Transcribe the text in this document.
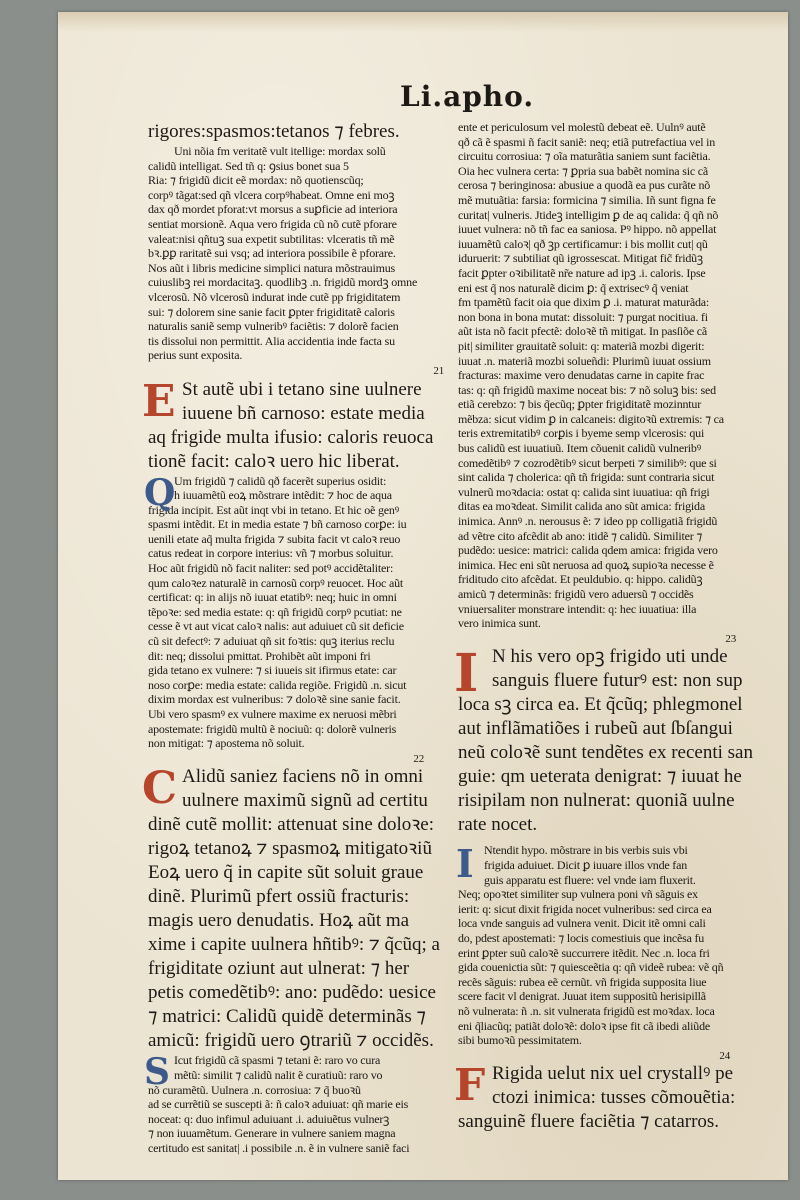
Li.apho.
rigores:spasmos:tetanos ⁊ febres.
Uni nõia fm veritatẽ vult itellige: mordax solũ
calidũ intelligat. Sed tñ q: ꝯsius bonet sua 5
Ria: ⁊ frigidũ dicit eẽ mordax: nõ quotienscũq;
corpꝰ tãgat:sed qñ vlcera corpꝰhabeat. Omne eni moꝫ
dax qð mordet pforat:vt morsus a suꝑficie ad interiora
sentiat morsionẽ. Aqua vero frigida cũ nõ cutẽ pforare
valeat:nisi qñtuꝫ sua expetit subtilitas: vlceratis tñ mẽ
bꝛ.ꝑꝑ raritatẽ sui vsq; ad interiora possibile ẽ pforare.
Nos aũt i libris medicine simplici natura mõstrauimus
cuiuslibꝫ rei mordacitaꝫ. quodlibꝫ .n. frigidũ mordꝫ omne
vlcerosũ. Nõ vlcerosũ indurat inde cutẽ pp frigiditatem
sui: ⁊ dolorem sine sanie facit ꝑpter frigiditatẽ caloris
naturalis saniẽ semp vulneribꝰ faciẽtis: ⁊ dolorẽ facien
tis dissolui non permittit. Alia accidentia inde facta su
perius sunt exposita.
21
E St autẽ ubi i tetano sine uulnere
iuuene bñ carnoso: estate media
aq frigide multa ifusio: caloris reuoca
tionẽ facit: caloꝛ uero hic liberat.
Q
Um frigidũ ⁊ calidũ qð facerẽt superius osidit:
h iuuamẽtũ eoꝝ mõstrare intẽdit: ⁊ hoc de aqua
frigida incipit. Est aũt inqt vbi in tetano. Et hic oẽ genꝰ
spasmi intẽdit. Et in media estate ⁊ bñ carnoso corꝑe: iu
uenili etate aq̃ multa frigida ⁊ subita facit vt caloꝛ reuo
catus redeat in corpore interius: vñ ⁊ morbus soluitur.
Hoc aũt frigidũ nõ facit naliter: sed potꝰ accidẽtaliter:
qum caloꝛez naturalẽ in carnosũ corpꝰ reuocet. Hoc aũt
certificat: q: in alijs nõ iuuat etatibꝰ: neq; huic in omni
tẽpoꝛe: sed media estate: q: qñ frigidũ corpꝰ pcutiat: ne
cesse ẽ vt aut vicat caloꝛ nalis: aut aduiuet cũ sit deficie
cũ sit defectꝰ: ⁊ aduiuat qñ sit foꝛtis: quꝫ iterius reclu
dit: neq; dissolui pmittat. Prohibẽt aũt imponi fri
gida tetano ex vulnere: ⁊ si iuueis sit ifirmus etate: car
noso corꝑe: media estate: calida regiõe. Frigidũ .n. sicut
dixim mordax est vulneribus: ⁊ doloꝛẽ sine sanie facit.
Ubi vero spasmꝰ ex vulnere maxime ex neruosi mẽbri
apostemate: frigidũ multũ ẽ nociuũ: q: dolorẽ vulneris
non mitigat: ⁊ apostema nõ soluit.
22
C Alidũ saniez faciens nõ in omni
uulnere maximũ signũ ad certitu
dinẽ cutẽ mollit: attenuat sine doloꝛe:
rigoꝝ tetanoꝝ ⁊ spasmoꝝ mitigatoꝛiũ
Eoꝝ uero q̃ in capite sũt soluit graue
dinẽ. Plurimũ pfert ossiũ fracturis:
magis uero denudatis. Hoꝝ aũt ma
xime i capite uulnera hñtibꝰ: ⁊ q̃cũq; a
frigiditate oziunt aut ulnerat: ⁊ her
petis comedẽtibꝰ: ano: pudẽdo: uesice
⁊ matrici: Calidũ quidẽ determinãs ⁊
amicũ: frigidũ uero ꝯtrariũ ⁊ occidẽs.
S Icut frigidũ cã spasmi ⁊ tetani ẽ: raro vo cura
mẽtũ: similit ⁊ calidũ nalit ẽ curatiuũ: raro vo
nõ curamẽtũ. Uulnera .n. corrosiua: ⁊ q̃ buoꝛũ
ad se currẽtiũ se suscepti ã: ñ caloꝛ aduiuat: qñ marie eis
noceat: q: duo infimul aduiuant .i. aduiuẽtus vulnerꝫ
⁊ non iuuamẽtum. Generare in vulnere saniem magna
certitudo est sanitat| .i possibile .n. ẽ in vulnere saniẽ faci
ente et periculosum vel molestũ debeat eẽ. Uulnꝰ autẽ
qð cã ẽ spasmi ñ facit saniẽ: neq; etiã putrefactiua vel in
circuitu corrosiua: ⁊ oĩa maturãtia saniem sunt faciẽtia.
Oia hec vulnera certa: ⁊ ꝑpria sua babẽt nomina sic cã
cerosa ⁊ beringinosa: abusiue a quodã ea pus curãte nõ
mẽ mutuãtia: farsia: formicina ⁊ similia. Iñ sunt figna fe
curitat| vulneris. Jtideꝫ intelligim ꝑ de aq calida: q̃ qñ nõ
iuuet vulnera: nõ tñ fac ea saniosa. Pꝰ hippo. nõ appellat
iuuamẽtũ caloꝛ| qð ꝫp certificamur: i bis mollit cut| qũ
iduruerit: ⁊ subtiliat qũ igrossescat. Mitigat fic̃ fridũꝫ
facit ꝑpter oꝛibilitatẽ nr̃e nature ad ipꝫ .i. caloris. Ipse
eni est q̃ nos naturalẽ dicim ꝑ: q̃ extrisecꝰ q̃ veniat
fm tpamẽtũ facit oia que dixim ꝑ .i. maturat maturãda:
non bona in bona mutat: dissoluit: ⁊ purgat nocitiua. fi
aũt ista nõ facit pfectẽ: doloꝛẽ tñ mitigat. In pasſiõe cã
pit| similiter grauitatẽ soluit: q: materiã mozbi digerit:
iuuat .n. materiã mozbi solueñdi: Plurimũ iuuat ossium
fracturas: maxime vero denudatas carne in capite frac
tas: q: qñ frigidũ maxime noceat bis: ⁊ nõ soluꝫ bis: sed
etiã cerebzo: ⁊ bis q̃ecũq; ꝑpter frigiditatẽ mozinntur
mẽbza: sicut vidim ꝑ in calcaneis: digitoꝛũ extremis: ⁊ ca
teris extremitatibꝰ corꝑis i byeme semp vlcerosis: qui
bus calidũ est iuuatiuũ. Item cõuenit calidũ vulneribꝰ
comedẽtibꝰ ⁊ cozrodẽtibꝰ sicut berpeti ⁊ similibꝰ: que si
sint calida ⁊ cholerica: qñ tñ frigida: sunt contraria sicut
vulnerũ moꝛdacia: ostat q: calida sint iuuatiua: qñ frigi
ditas ea moꝛdeat. Similit calida ano sũt amica: frigida
inimica. Annꝰ .n. nerousus ẽ: ⁊ ideo pp colligatiã frigidũ
ad vẽtre cito afcẽdit ab ano: itidẽ ⁊ calidũ. Similiter ⁊
pudẽdo: uesice: matrici: calida qdem amica: frigida vero
inimica. Hec eni sũt neruosa ad quoꝝ supioꝛa necesse ẽ
friditudo cito afcẽdat. Et peuldubio. q: hippo. calidũꝫ
amicũ ⁊ determinãs: frigidũ vero aduersũ ⁊ occidẽs
vniuersaliter monstrare intendit: q: hec iuuatiua: illa
vero inimica sunt.
23
I N his vero opꝫ frigido uti unde
sanguis fluere futurꝰ est: non sup
loca sꝫ circa ea. Et q̃cũq; phlegmonel
aut inflãmatiões i rubeũ aut ſbſangui
neũ coloꝛẽ sunt tendẽtes ex recenti san
guie: qm ueterata denigrat: ⁊ iuuat he
risipilam non nulnerat: quoniã uulne
rate nocet.
I Ntendit hypo. mõstrare in bis verbis suis vbi
frigida aduiuet. Dicit ꝑ iuuare illos vnde fan
guis apparatu est fluere: vel vnde iam fluxerit.
Neq; opoꝛtet similiter sup vulnera poni vñ sãguis ex
ierit: q: sicut dixit frigida nocet vulneribus: sed circa ea
loca vnde sanguis ad vulnera venit. Dicit itẽ omni cali
do, pdest apostemati: ⁊ locis comestiuis que incẽsa fu
erint ꝑpter suũ caloꝛẽ succurrere itẽdit. Nec .n. loca fri
gida couenictia sũt: ⁊ quiesceẽtia q: qñ videẽ rubea: vẽ qñ
recẽs sãguis: rubea eẽ cernũt. vñ frigida supposita liue
scere facit vl denigrat. Juuat item suppositũ herisipillã
nõ vulnerata: ñ .n. sit vulnerata frigidũ est moꝛdax. loca
eni q̃liacũq; patiãt doloꝛẽ: doloꝛ ipse fit cã ibedi aliũde
sibi bumoꝛũ pessimitatem.
24
F Rigida uelut nix uel crystallꝰ pe
ctozi inimica: tusses cõmouẽtia:
sanguinẽ fluere faciẽtia ⁊ catarros.
